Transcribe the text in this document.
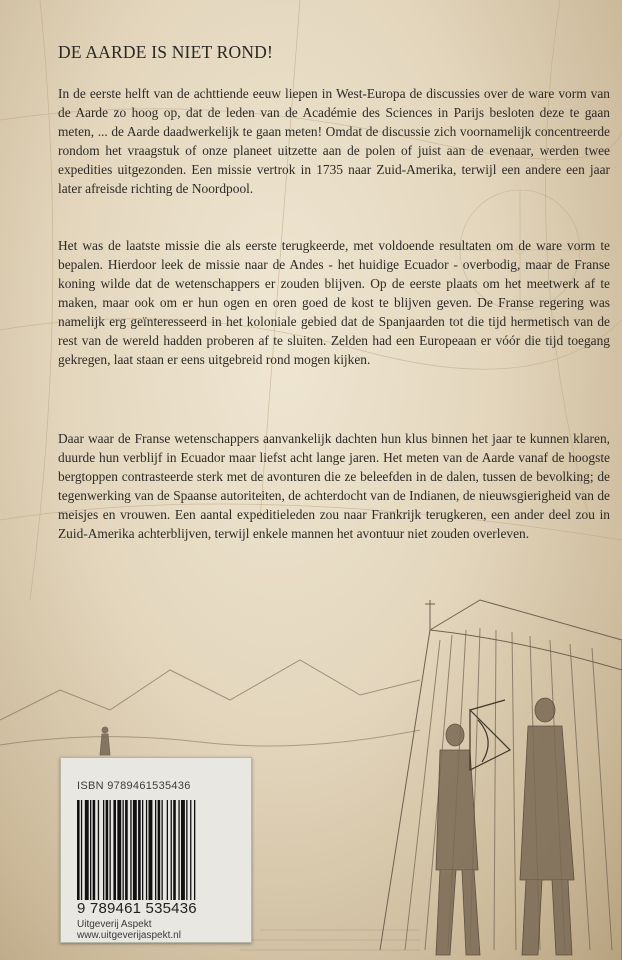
DE AARDE IS NIET ROND!

In de eerste helft van de achttiende eeuw liepen in West-Europa de discussies over de ware vorm van de Aarde zo hoog op, dat de leden van de Académie des Sciences in Parijs besloten deze te gaan meten, ... de Aarde daadwerkelijk te gaan meten! Omdat de discussie zich voornamelijk concentreerde rondom het vraagstuk of onze planeet uitzette aan de polen of juist aan de evenaar, werden twee expedities uitgezonden. Een missie vertrok in 1735 naar Zuid-Amerika, terwijl een andere een jaar later afreisde richting de Noordpool.

Het was de laatste missie die als eerste terugkeerde, met voldoende resultaten om de ware vorm te bepalen. Hierdoor leek de missie naar de Andes - het huidige Ecuador - overbodig, maar de Franse koning wilde dat de wetenschappers er zouden blijven. Op de eerste plaats om het meetwerk af te maken, maar ook om er hun ogen en oren goed de kost te blijven geven. De Franse regering was namelijk erg geïnteresseerd in het koloniale gebied dat de Spanjaarden tot die tijd hermetisch van de rest van de wereld hadden proberen af te sluiten. Zelden had een Europeaan er vóór die tijd toegang gekregen, laat staan er eens uitgebreid rond mogen kijken.

Daar waar de Franse wetenschappers aanvankelijk dachten hun klus binnen het jaar te kunnen klaren, duurde hun verblijf in Ecuador maar liefst acht lange jaren. Het meten van de Aarde vanaf de hoogste bergtoppen contrasteerde sterk met de avonturen die ze beleefden in de dalen, tussen de bevolking; de tegenwerking van de Spaanse autoriteiten, de achterdocht van de Indianen, de nieuwsgierigheid van de meisjes en vrouwen. Een aantal expeditieleden zou naar Frankrijk terugkeren, een ander deel zou in Zuid-Amerika achterblijven, terwijl enkele mannen het avontuur niet zouden overleven.

ISBN 9789461535436
9 789461 535436
Uitgeverij Aspekt
www.uitgeverijaspekt.nl
